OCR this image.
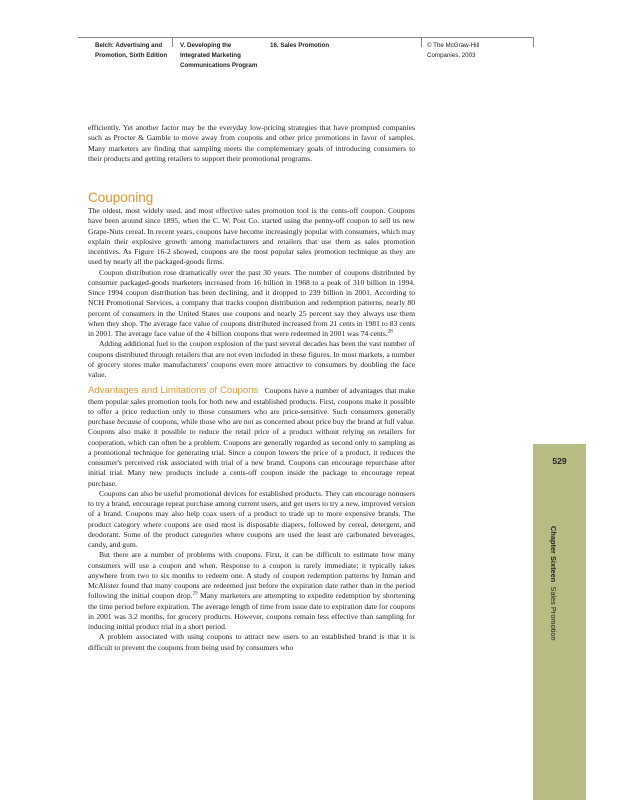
Belch: Advertising and
Promotion, Sixth Edition
V. Developing the
Integrated Marketing
Communications Program
16. Sales Promotion	© The McGraw-Hill
Companies, 2003

efficiently. Yet another factor may be the everyday low-pricing strategies that have prompted companies such as Procter & Gamble to move away from coupons and other price promotions in favor of samples. Many marketers are finding that sampling meets the complementary goals of introducing consumers to their products and getting retailers to support their promotional programs.

Couponing

The oldest, most widely used, and most effective sales promotion tool is the cents-off coupon. Coupons have been around since 1895, when the C. W. Post Co. started using the penny-off coupon to sell its new Grape-Nuts cereal. In recent years, coupons have become increasingly popular with consumers, which may explain their explosive growth among manufacturers and retailers that use them as sales promotion incentives. As Figure 16-2 showed, coupons are the most popular sales promotion technique as they are used by nearly all the packaged-goods firms.

Coupon distribution rose dramatically over the past 30 years. The number of coupons distributed by consumer packaged-goods marketers increased from 16 billion in 1968 to a peak of 310 billion in 1994. Since 1994 coupon distribution has been declining, and it dropped to 239 billion in 2001. According to NCH Promotional Services, a company that tracks coupon distribution and redemption patterns, nearly 80 percent of consumers in the United States use coupons and nearly 25 percent say they always use them when they shop. The average face value of coupons distributed increased from 21 cents in 1981 to 83 cents in 2001. The average face value of the 4 billion coupons that were redeemed in 2001 was 74 cents.$^{28}$

Adding additional fuel to the coupon explosion of the past several decades has been the vast number of coupons distributed through retailers that are not even included in these figures. In most markets, a number of grocery stores make manufacturers' coupons even more attractive to consumers by doubling the face value.

Advantages and Limitations of Coupons Coupons have a number of advantages that make them popular sales promotion tools for both new and established products. First, coupons make it possible to offer a price reduction only to those consumers who are price-sensitive. Such consumers generally purchase because of coupons, while those who are not as concerned about price buy the brand at full value. Coupons also make it possible to reduce the retail price of a product without relying on retailers for cooperation, which can often be a problem. Coupons are generally regarded as second only to sampling as a promotional technique for generating trial. Since a coupon lowers the price of a product, it reduces the consumer's perceived risk associated with trial of a new brand. Coupons can encourage repurchase after initial trial. Many new products include a cents-off coupon inside the package to encourage repeat purchase.

Coupons can also be useful promotional devices for established products. They can encourage nonusers to try a brand, encourage repeat purchase among current users, and get users to try a new, improved version of a brand. Coupons may also help coax users of a product to trade up to more expensive brands. The product category where coupons are used most is disposable diapers, followed by cereal, detergent, and deodorant. Some of the product categories where coupons are used the least are carbonated beverages, candy, and gum.

But there are a number of problems with coupons. First, it can be difficult to estimate how many consumers will use a coupon and when. Response to a coupon is rarely immediate; it typically takes anywhere from two to six months to redeem one. A study of coupon redemption patterns by Inman and McAlister found that many coupons are redeemed just before the expiration date rather than in the period following the initial coupon drop.$^{29}$ Many marketers are attempting to expedite redemption by shortening the time period before expiration. The average length of time from issue date to expiration date for coupons in 2001 was 3.2 months, for grocery products. However, coupons remain less effective than sampling for inducing initial product trial in a short period.

A problem associated with using coupons to attract new users to an established brand is that it is difficult to prevent the coupons from being used by consumers who

529
Chapter Sixteen  Sales Promotion
